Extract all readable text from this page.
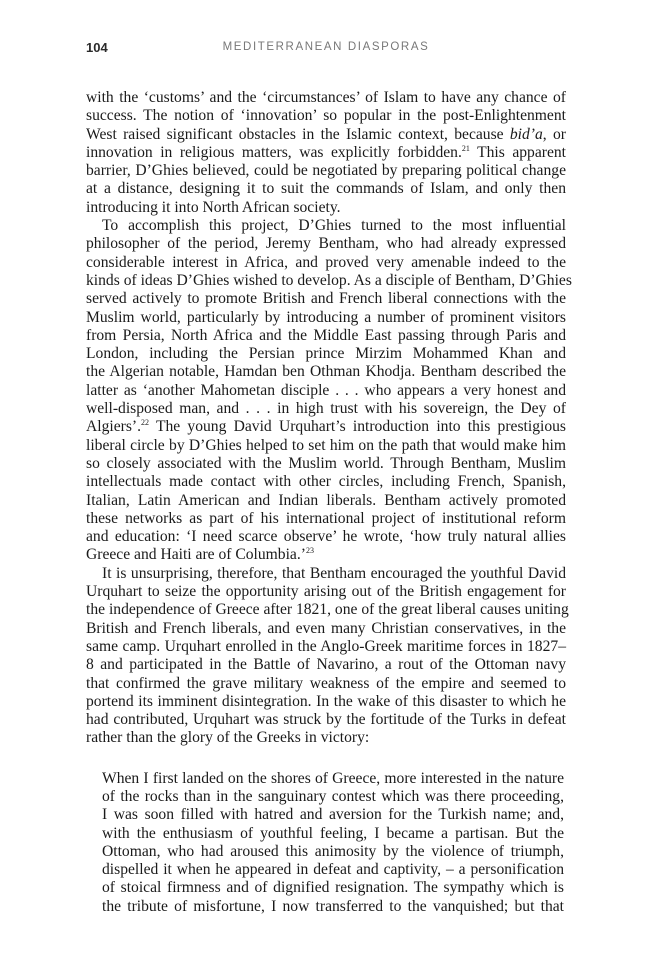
104	MEDITERRANEAN DIASPORAS
with the ‘customs’ and the ‘circumstances’ of Islam to have any chance of
success. The notion of ‘innovation’ so popular in the post-Enlightenment
West raised significant obstacles in the Islamic context, because bid’a, or
innovation in religious matters, was explicitly forbidden.$^{21}$ This apparent
barrier, D’Ghies believed, could be negotiated by preparing political change
at a distance, designing it to suit the commands of Islam, and only then
introducing it into North African society.
To accomplish this project, D’Ghies turned to the most influential
philosopher of the period, Jeremy Bentham, who had already expressed
considerable interest in Africa, and proved very amenable indeed to the
kinds of ideas D’Ghies wished to develop. As a disciple of Bentham, D’Ghies
served actively to promote British and French liberal connections with the
Muslim world, particularly by introducing a number of prominent visitors
from Persia, North Africa and the Middle East passing through Paris and
London, including the Persian prince Mirzim Mohammed Khan and
the Algerian notable, Hamdan ben Othman Khodja. Bentham described the
latter as ‘another Mahometan disciple . . . who appears a very honest and
well-disposed man, and . . . in high trust with his sovereign, the Dey of
Algiers’.$^{22}$ The young David Urquhart’s introduction into this prestigious
liberal circle by D’Ghies helped to set him on the path that would make him
so closely associated with the Muslim world. Through Bentham, Muslim
intellectuals made contact with other circles, including French, Spanish,
Italian, Latin American and Indian liberals. Bentham actively promoted
these networks as part of his international project of institutional reform
and education: ‘I need scarce observe’ he wrote, ‘how truly natural allies
Greece and Haiti are of Columbia.’$^{23}$
It is unsurprising, therefore, that Bentham encouraged the youthful David
Urquhart to seize the opportunity arising out of the British engagement for
the independence of Greece after 1821, one of the great liberal causes uniting
British and French liberals, and even many Christian conservatives, in the
same camp. Urquhart enrolled in the Anglo-Greek maritime forces in 1827–
8 and participated in the Battle of Navarino, a rout of the Ottoman navy
that confirmed the grave military weakness of the empire and seemed to
portend its imminent disintegration. In the wake of this disaster to which he
had contributed, Urquhart was struck by the fortitude of the Turks in defeat
rather than the glory of the Greeks in victory:
When I first landed on the shores of Greece, more interested in the nature
of the rocks than in the sanguinary contest which was there proceeding,
I was soon filled with hatred and aversion for the Turkish name; and,
with the enthusiasm of youthful feeling, I became a partisan. But the
Ottoman, who had aroused this animosity by the violence of triumph,
dispelled it when he appeared in defeat and captivity, – a personification
of stoical firmness and of dignified resignation. The sympathy which is
the tribute of misfortune, I now transferred to the vanquished; but that
